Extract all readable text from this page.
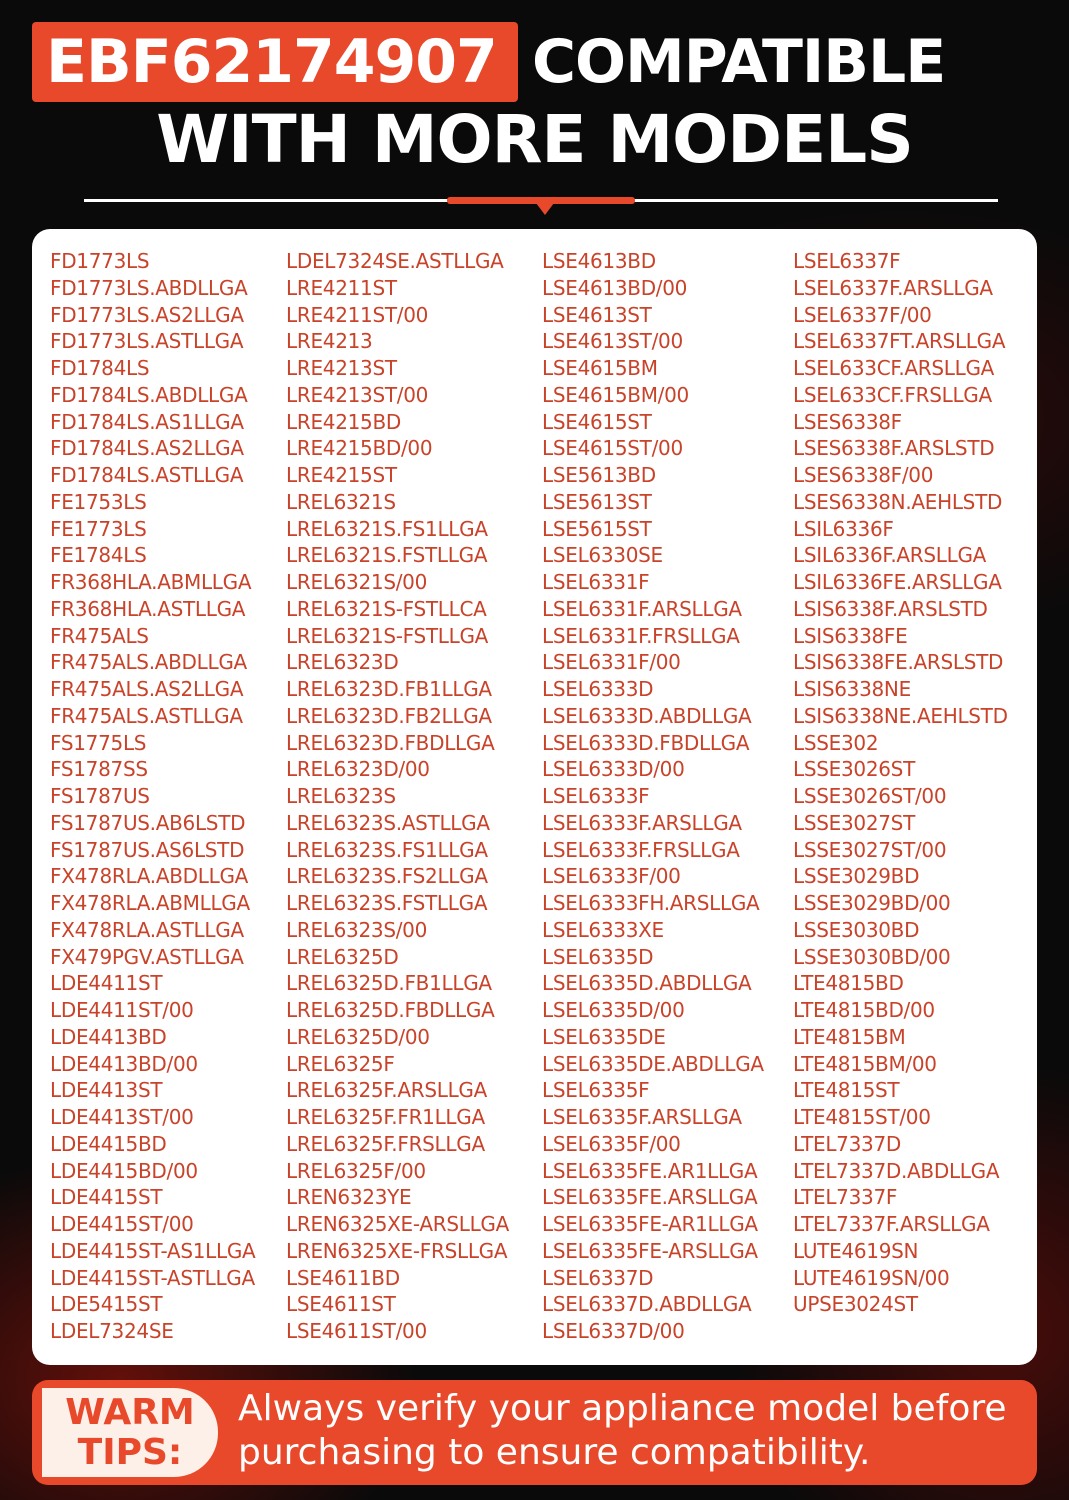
EBF62174907 COMPATIBLE
WITH MORE MODELS
FD1773LS
FD1773LS.ABDLLGA
FD1773LS.AS2LLGA
FD1773LS.ASTLLGA
FD1784LS
FD1784LS.ABDLLGA
FD1784LS.AS1LLGA
FD1784LS.AS2LLGA
FD1784LS.ASTLLGA
FE1753LS
FE1773LS
FE1784LS
FR368HLA.ABMLLGA
FR368HLA.ASTLLGA
FR475ALS
FR475ALS.ABDLLGA
FR475ALS.AS2LLGA
FR475ALS.ASTLLGA
FS1775LS
FS1787SS
FS1787US
FS1787US.AB6LSTD
FS1787US.AS6LSTD
FX478RLA.ABDLLGA
FX478RLA.ABMLLGA
FX478RLA.ASTLLGA
FX479PGV.ASTLLGA
LDE4411ST
LDE4411ST/00
LDE4413BD
LDE4413BD/00
LDE4413ST
LDE4413ST/00
LDE4415BD
LDE4415BD/00
LDE4415ST
LDE4415ST/00
LDE4415ST-AS1LLGA
LDE4415ST-ASTLLGA
LDE5415ST
LDEL7324SE
LDEL7324SE.ASTLLGA
LRE4211ST
LRE4211ST/00
LRE4213
LRE4213ST
LRE4213ST/00
LRE4215BD
LRE4215BD/00
LRE4215ST
LREL6321S
LREL6321S.FS1LLGA
LREL6321S.FSTLLGA
LREL6321S/00
LREL6321S-FSTLLCA
LREL6321S-FSTLLGA
LREL6323D
LREL6323D.FB1LLGA
LREL6323D.FB2LLGA
LREL6323D.FBDLLGA
LREL6323D/00
LREL6323S
LREL6323S.ASTLLGA
LREL6323S.FS1LLGA
LREL6323S.FS2LLGA
LREL6323S.FSTLLGA
LREL6323S/00
LREL6325D
LREL6325D.FB1LLGA
LREL6325D.FBDLLGA
LREL6325D/00
LREL6325F
LREL6325F.ARSLLGA
LREL6325F.FR1LLGA
LREL6325F.FRSLLGA
LREL6325F/00
LREN6323YE
LREN6325XE-ARSLLGA
LREN6325XE-FRSLLGA
LSE4611BD
LSE4611ST
LSE4611ST/00
LSE4613BD
LSE4613BD/00
LSE4613ST
LSE4613ST/00
LSE4615BM
LSE4615BM/00
LSE4615ST
LSE4615ST/00
LSE5613BD
LSE5613ST
LSE5615ST
LSEL6330SE
LSEL6331F
LSEL6331F.ARSLLGA
LSEL6331F.FRSLLGA
LSEL6331F/00
LSEL6333D
LSEL6333D.ABDLLGA
LSEL6333D.FBDLLGA
LSEL6333D/00
LSEL6333F
LSEL6333F.ARSLLGA
LSEL6333F.FRSLLGA
LSEL6333F/00
LSEL6333FH.ARSLLGA
LSEL6333XE
LSEL6335D
LSEL6335D.ABDLLGA
LSEL6335D/00
LSEL6335DE
LSEL6335DE.ABDLLGA
LSEL6335F
LSEL6335F.ARSLLGA
LSEL6335F/00
LSEL6335FE.AR1LLGA
LSEL6335FE.ARSLLGA
LSEL6335FE-AR1LLGA
LSEL6335FE-ARSLLGA
LSEL6337D
LSEL6337D.ABDLLGA
LSEL6337D/00
LSEL6337F
LSEL6337F.ARSLLGA
LSEL6337F/00
LSEL6337FT.ARSLLGA
LSEL633CF.ARSLLGA
LSEL633CF.FRSLLGA
LSES6338F
LSES6338F.ARSLSTD
LSES6338F/00
LSES6338N.AEHLSTD
LSIL6336F
LSIL6336F.ARSLLGA
LSIL6336FE.ARSLLGA
LSIS6338F.ARSLSTD
LSIS6338FE
LSIS6338FE.ARSLSTD
LSIS6338NE
LSIS6338NE.AEHLSTD
LSSE302
LSSE3026ST
LSSE3026ST/00
LSSE3027ST
LSSE3027ST/00
LSSE3029BD
LSSE3029BD/00
LSSE3030BD
LSSE3030BD/00
LTE4815BD
LTE4815BD/00
LTE4815BM
LTE4815BM/00
LTE4815ST
LTE4815ST/00
LTEL7337D
LTEL7337D.ABDLLGA
LTEL7337F
LTEL7337F.ARSLLGA
LUTE4619SN
LUTE4619SN/00
UPSE3024ST
WARM
TIPS:
Always verify your appliance model before
purchasing to ensure compatibility.
